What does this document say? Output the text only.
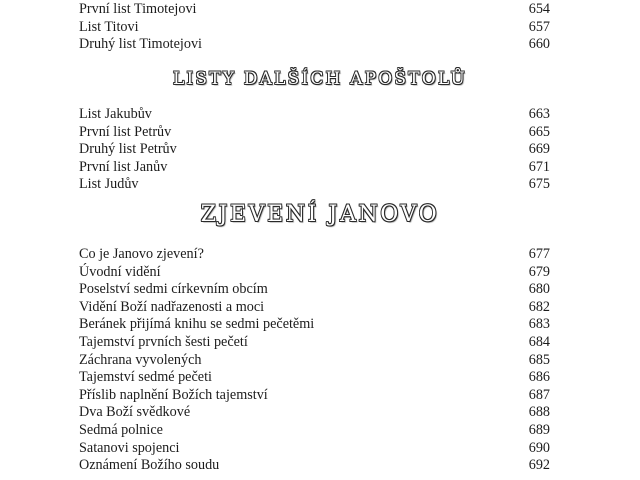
První list Timotejovi	654
List Titovi	657
Druhý list Timotejovi	660
LISTY DALŠÍCH APOŠTOLŮ
List Jakubův	663
První list Petrův	665
Druhý list Petrův	669
První list Janův	671
List Judův	675
ZJEVENÍ JANOVO
Co je Janovo zjevení?	677
Úvodní vidění	679
Poselství sedmi církevním obcím	680
Vidění Boží nadřazenosti a moci	682
Beránek přijímá knihu se sedmi pečetěmi	683
Tajemství prvních šesti pečetí	684
Záchrana vyvolených	685
Tajemství sedmé pečeti	686
Příslib naplnění Božích tajemství	687
Dva Boží svědkové	688
Sedmá polnice	689
Satanovi spojenci	690
Oznámení Božího soudu	692
